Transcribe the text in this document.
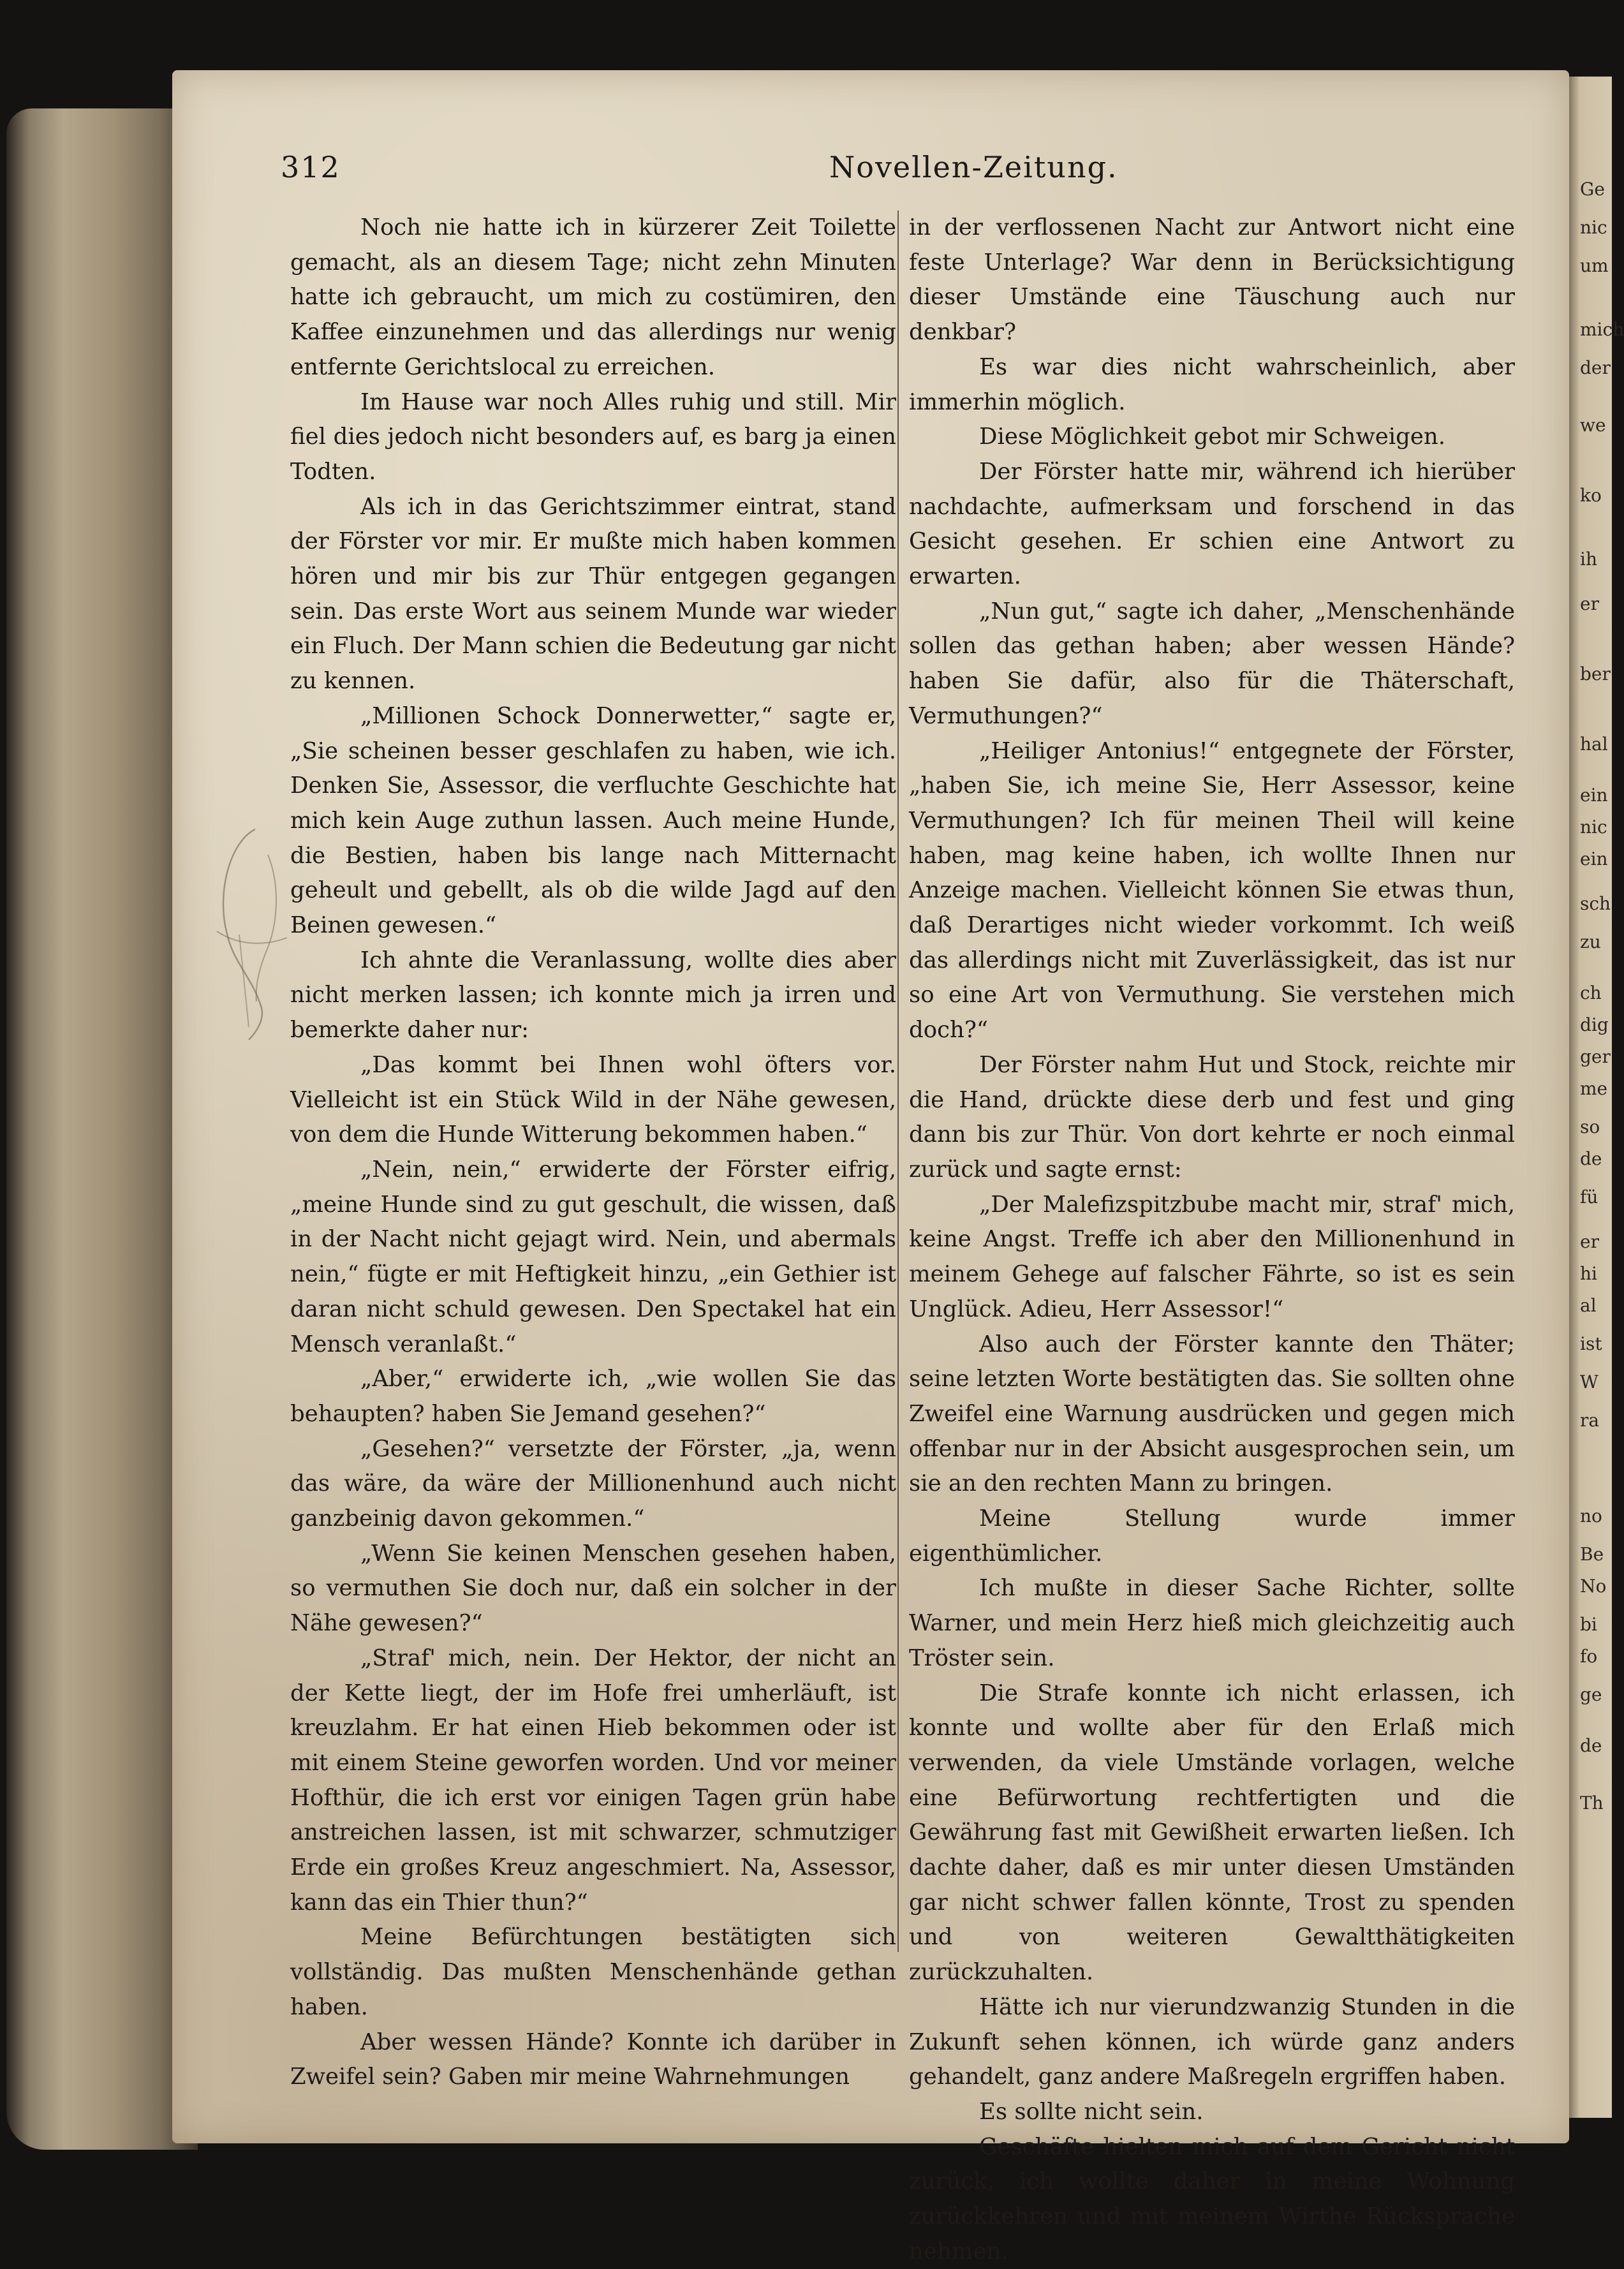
Ge
nic
um
mich
der
we
ko
ih
er
ber
hal
ein
nic
ein
sch
zu
ch
dig
ger
me
so
de
fü
er
hi
al
ist
W
ra
no
Be
No
bi
fo
ge
de
Th
312	Novellen-Zeitung.

Noch nie hatte ich in kürzerer Zeit Toilette gemacht, als an diesem Tage; nicht zehn Minuten hatte ich gebraucht, um mich zu costümiren, den Kaffee einzunehmen und das allerdings nur wenig entfernte Gerichtslocal zu erreichen.

Im Hause war noch Alles ruhig und still. Mir fiel dies jedoch nicht besonders auf, es barg ja einen Todten.

Als ich in das Gerichtszimmer eintrat, stand der Förster vor mir. Er mußte mich haben kommen hören und mir bis zur Thür entgegen gegangen sein. Das erste Wort aus seinem Munde war wieder ein Fluch. Der Mann schien die Bedeutung gar nicht zu kennen.

„Millionen Schock Donnerwetter,“ sagte er, „Sie scheinen besser geschlafen zu haben, wie ich. Denken Sie, Assessor, die verfluchte Geschichte hat mich kein Auge zuthun lassen. Auch meine Hunde, die Bestien, haben bis lange nach Mitternacht geheult und gebellt, als ob die wilde Jagd auf den Beinen gewesen.“

Ich ahnte die Veranlassung, wollte dies aber nicht merken lassen; ich konnte mich ja irren und bemerkte daher nur:

„Das kommt bei Ihnen wohl öfters vor. Vielleicht ist ein Stück Wild in der Nähe gewesen, von dem die Hunde Witterung bekommen haben.“

„Nein, nein,“ erwiderte der Förster eifrig, „meine Hunde sind zu gut geschult, die wissen, daß in der Nacht nicht gejagt wird. Nein, und abermals nein,“ fügte er mit Heftigkeit hinzu, „ein Gethier ist daran nicht schuld gewesen. Den Spectakel hat ein Mensch veranlaßt.“

„Aber,“ erwiderte ich, „wie wollen Sie das behaupten? haben Sie Jemand gesehen?“

„Gesehen?“ versetzte der Förster, „ja, wenn das wäre, da wäre der Millionenhund auch nicht ganzbeinig davon gekommen.“

„Wenn Sie keinen Menschen gesehen haben, so vermuthen Sie doch nur, daß ein solcher in der Nähe gewesen?“

„Straf' mich, nein. Der Hektor, der nicht an der Kette liegt, der im Hofe frei umherläuft, ist kreuzlahm. Er hat einen Hieb bekommen oder ist mit einem Steine geworfen worden. Und vor meiner Hofthür, die ich erst vor einigen Tagen grün habe anstreichen lassen, ist mit schwarzer, schmutziger Erde ein großes Kreuz angeschmiert. Na, Assessor, kann das ein Thier thun?“

Meine Befürchtungen bestätigten sich vollständig. Das mußten Menschenhände gethan haben.

Aber wessen Hände? Konnte ich darüber in Zweifel sein? Gaben mir meine Wahrnehmungen

in der verflossenen Nacht zur Antwort nicht eine feste Unterlage? War denn in Berücksichtigung dieser Umstände eine Täuschung auch nur denkbar?

Es war dies nicht wahrscheinlich, aber immerhin möglich.

Diese Möglichkeit gebot mir Schweigen.

Der Förster hatte mir, während ich hierüber nachdachte, aufmerksam und forschend in das Gesicht gesehen. Er schien eine Antwort zu erwarten.

„Nun gut,“ sagte ich daher, „Menschenhände sollen das gethan haben; aber wessen Hände? haben Sie dafür, also für die Thäterschaft, Vermuthungen?“

„Heiliger Antonius!“ entgegnete der Förster, „haben Sie, ich meine Sie, Herr Assessor, keine Vermuthungen? Ich für meinen Theil will keine haben, mag keine haben, ich wollte Ihnen nur Anzeige machen. Vielleicht können Sie etwas thun, daß Derartiges nicht wieder vorkommt. Ich weiß das allerdings nicht mit Zuverlässigkeit, das ist nur so eine Art von Vermuthung. Sie verstehen mich doch?“

Der Förster nahm Hut und Stock, reichte mir die Hand, drückte diese derb und fest und ging dann bis zur Thür. Von dort kehrte er noch einmal zurück und sagte ernst:

„Der Malefizspitzbube macht mir, straf' mich, keine Angst. Treffe ich aber den Millionenhund in meinem Gehege auf falscher Fährte, so ist es sein Unglück. Adieu, Herr Assessor!“

Also auch der Förster kannte den Thäter; seine letzten Worte bestätigten das. Sie sollten ohne Zweifel eine Warnung ausdrücken und gegen mich offenbar nur in der Absicht ausgesprochen sein, um sie an den rechten Mann zu bringen.

Meine Stellung wurde immer eigenthümlicher.

Ich mußte in dieser Sache Richter, sollte Warner, und mein Herz hieß mich gleichzeitig auch Tröster sein.

Die Strafe konnte ich nicht erlassen, ich konnte und wollte aber für den Erlaß mich verwenden, da viele Umstände vorlagen, welche eine Befürwortung rechtfertigten und die Gewährung fast mit Gewißheit erwarten ließen. Ich dachte daher, daß es mir unter diesen Umständen gar nicht schwer fallen könnte, Trost zu spenden und von weiteren Gewaltthätigkeiten zurückzuhalten.

Hätte ich nur vierundzwanzig Stunden in die Zukunft sehen können, ich würde ganz anders gehandelt, ganz andere Maßregeln ergriffen haben.

Es sollte nicht sein.

Geschäfte hielten mich auf dem Gericht nicht zurück, ich wollte daher in meine Wohnung zurückkehren und mit meinem Wirthe Rücksprache nehmen.
